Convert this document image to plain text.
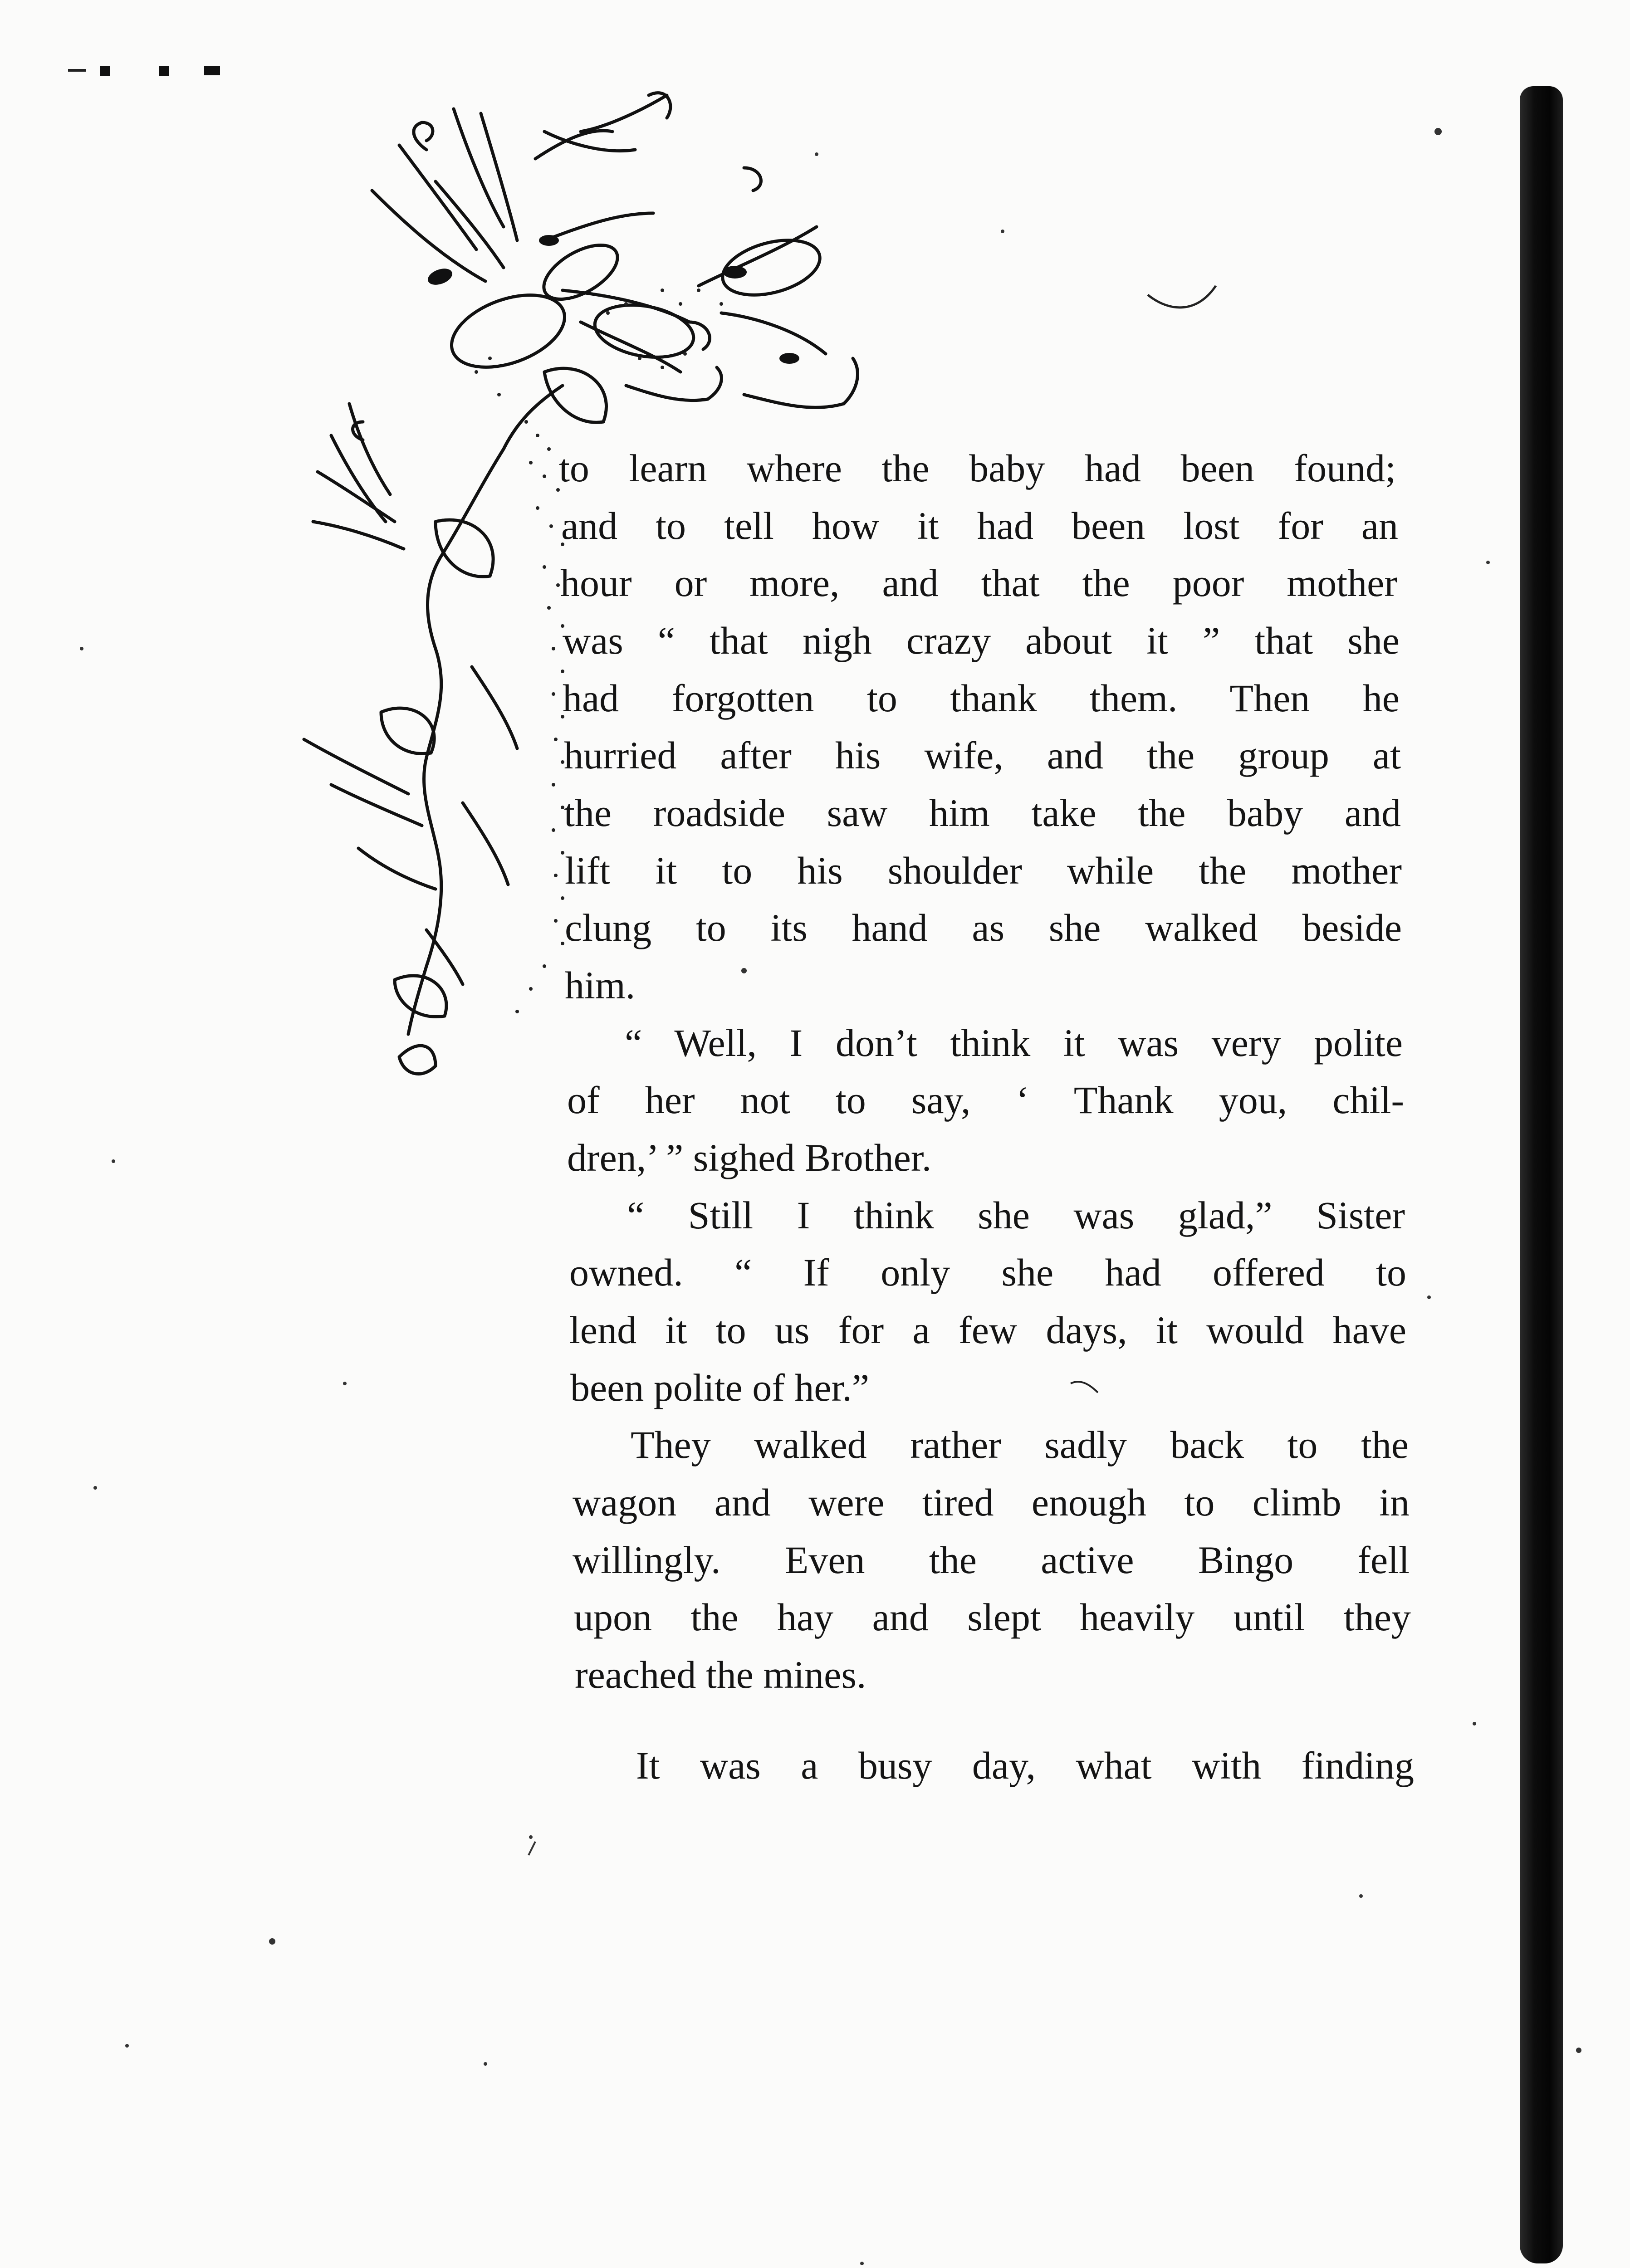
to learn where the baby had been found;
and to tell how it had been lost for an
hour or more, and that the poor mother
was “ that nigh crazy about it ” that she
had forgotten to thank them. Then he
hurried after his wife, and the group at
the roadside saw him take the baby and
lift it to his shoulder while the mother
clung to its hand as she walked beside
him.
“ Well, I don’t think it was very polite
of her not to say, ‘ Thank you, chil-
dren,’ ” sighed Brother.
“ Still I think she was glad,” Sister
owned. “ If only she had offered to
lend it to us for a few days, it would have
been polite of her.”
They walked rather sadly back to the
wagon and were tired enough to climb in
willingly. Even the active Bingo fell
upon the hay and slept heavily until they
reached the mines.
It was a busy day, what with finding
